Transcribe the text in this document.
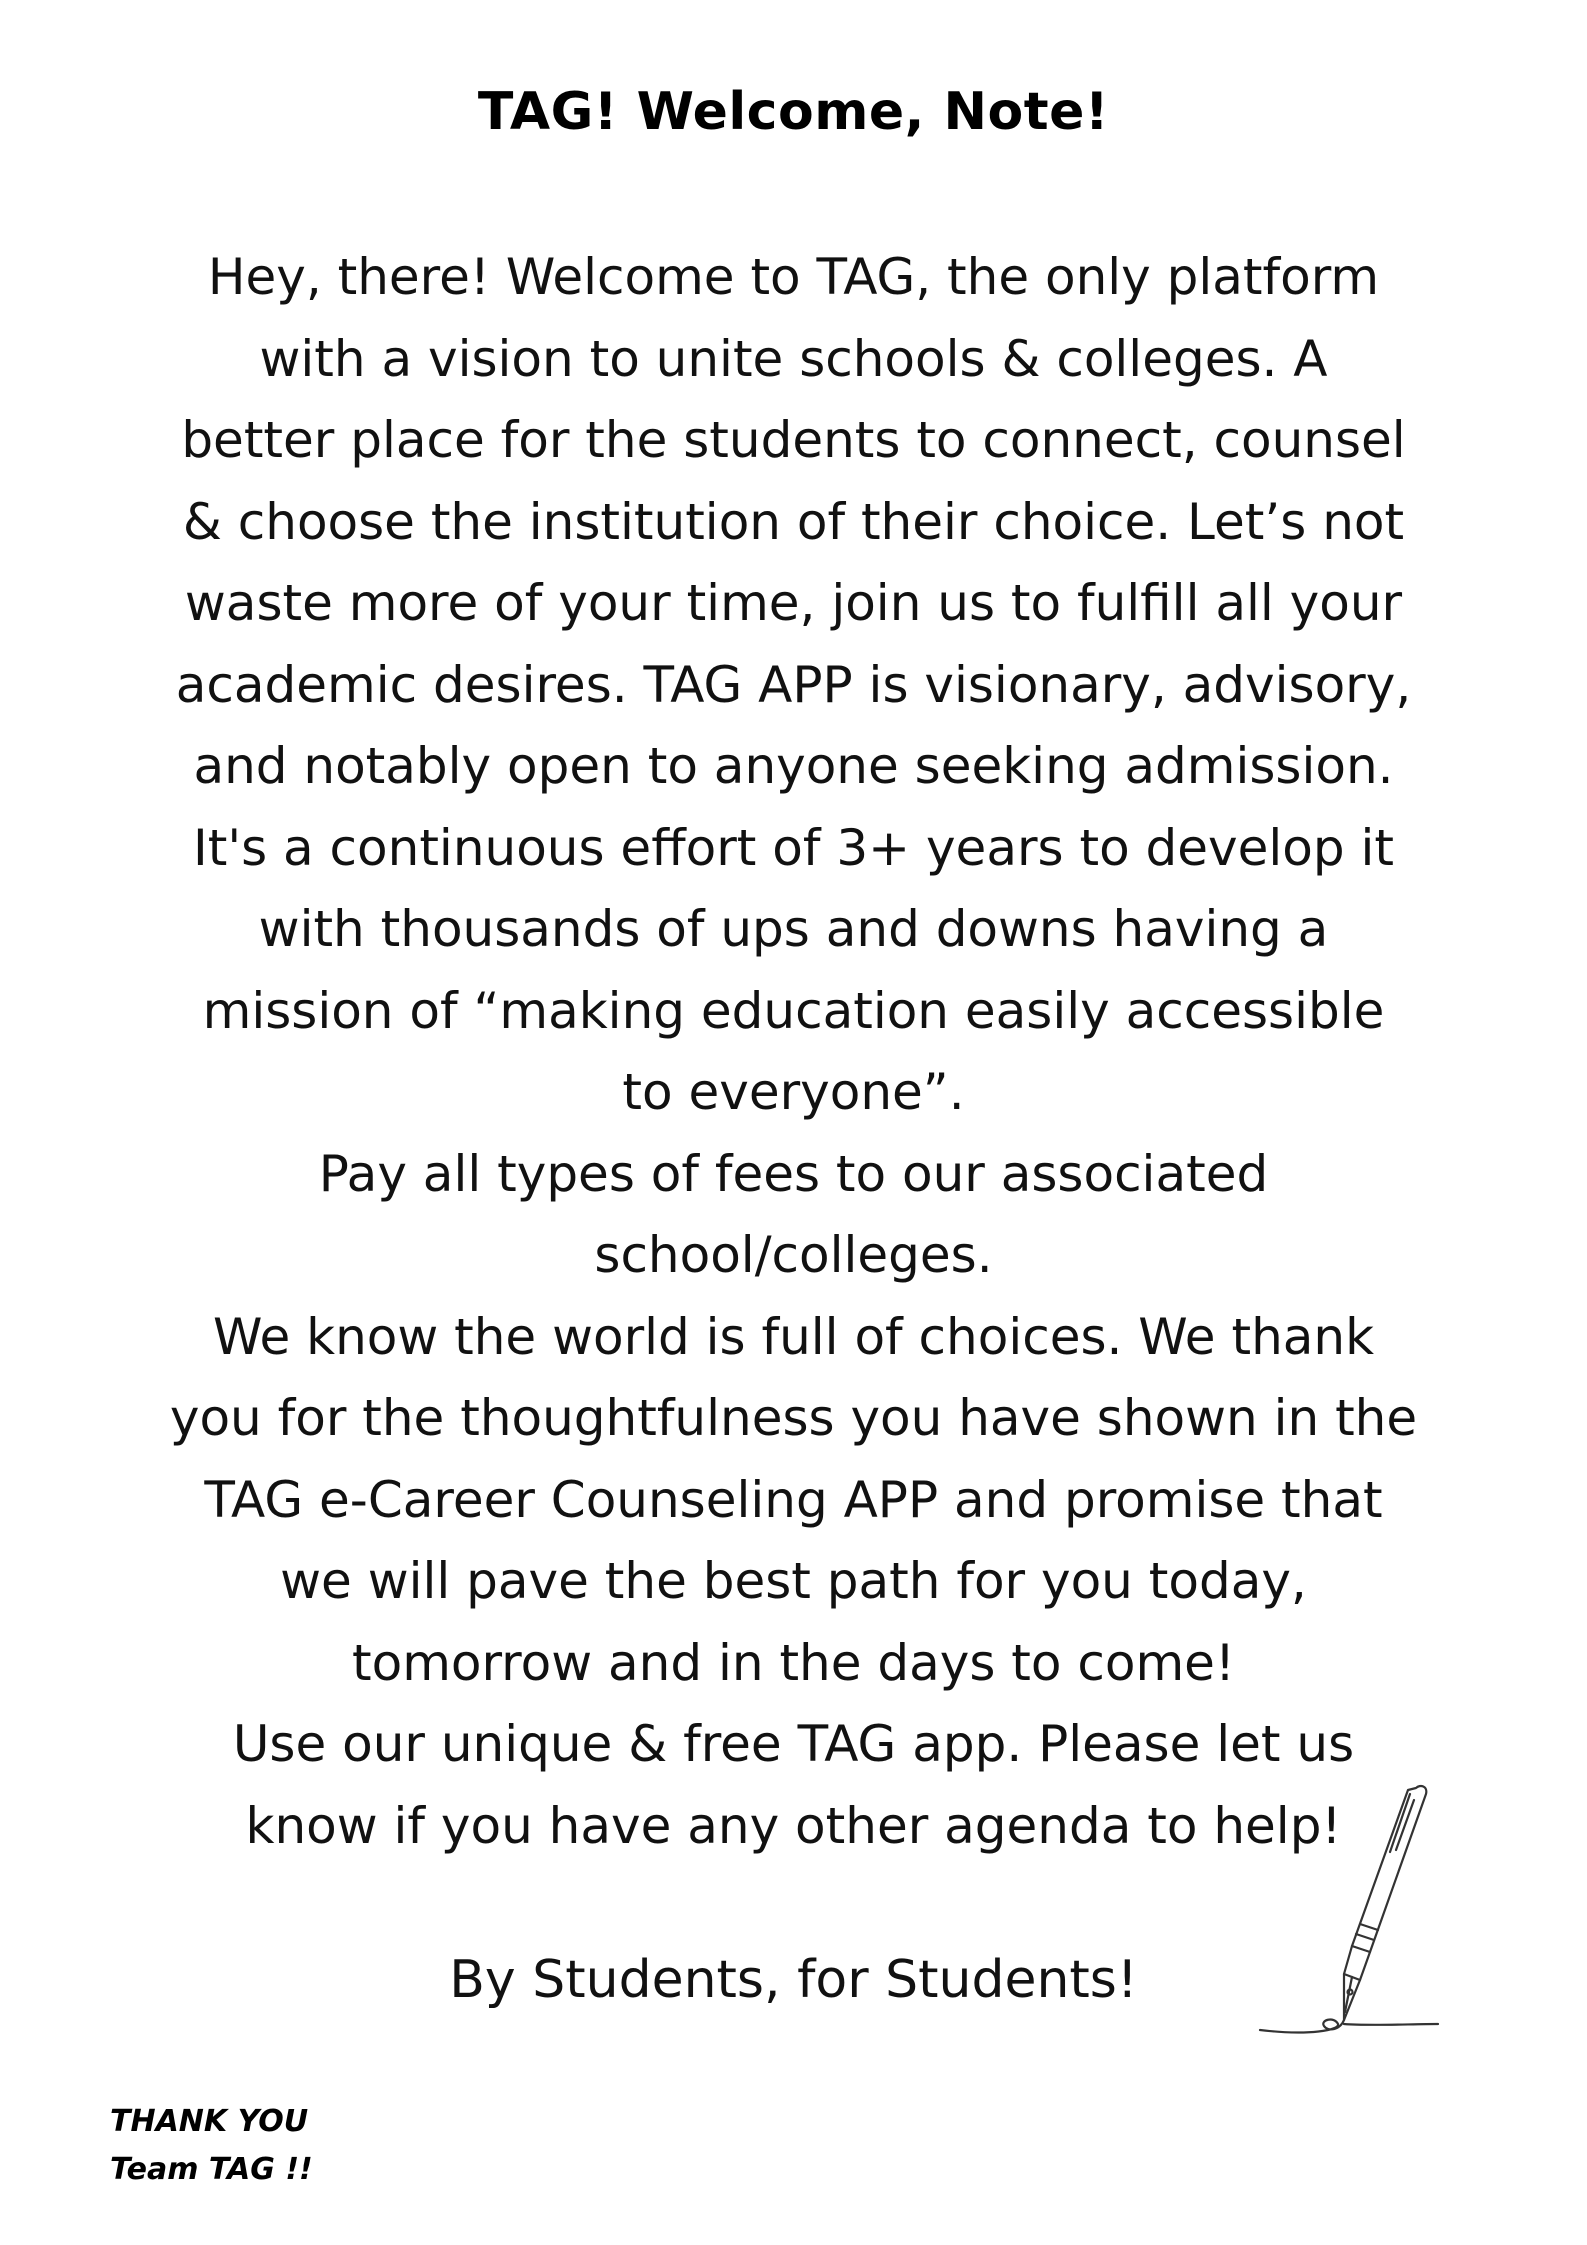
TAG! Welcome, Note!
Hey, there! Welcome to TAG, the only platform
with a vision to unite schools & colleges. A
better place for the students to connect, counsel
& choose the institution of their choice. Let’s not
waste more of your time, join us to fulfill all your
academic desires. TAG APP is visionary, advisory,
and notably open to anyone seeking admission.
It's a continuous effort of 3+ years to develop it
with thousands of ups and downs having a
mission of “making education easily accessible
to everyone”.
Pay all types of fees to our associated
school/colleges.
We know the world is full of choices. We thank
you for the thoughtfulness you have shown in the
TAG e-Career Counseling APP and promise that
we will pave the best path for you today,
tomorrow and in the days to come!
Use our unique & free TAG app. Please let us
know if you have any other agenda to help!
By Students, for Students!
THANK YOU
Team TAG !!
